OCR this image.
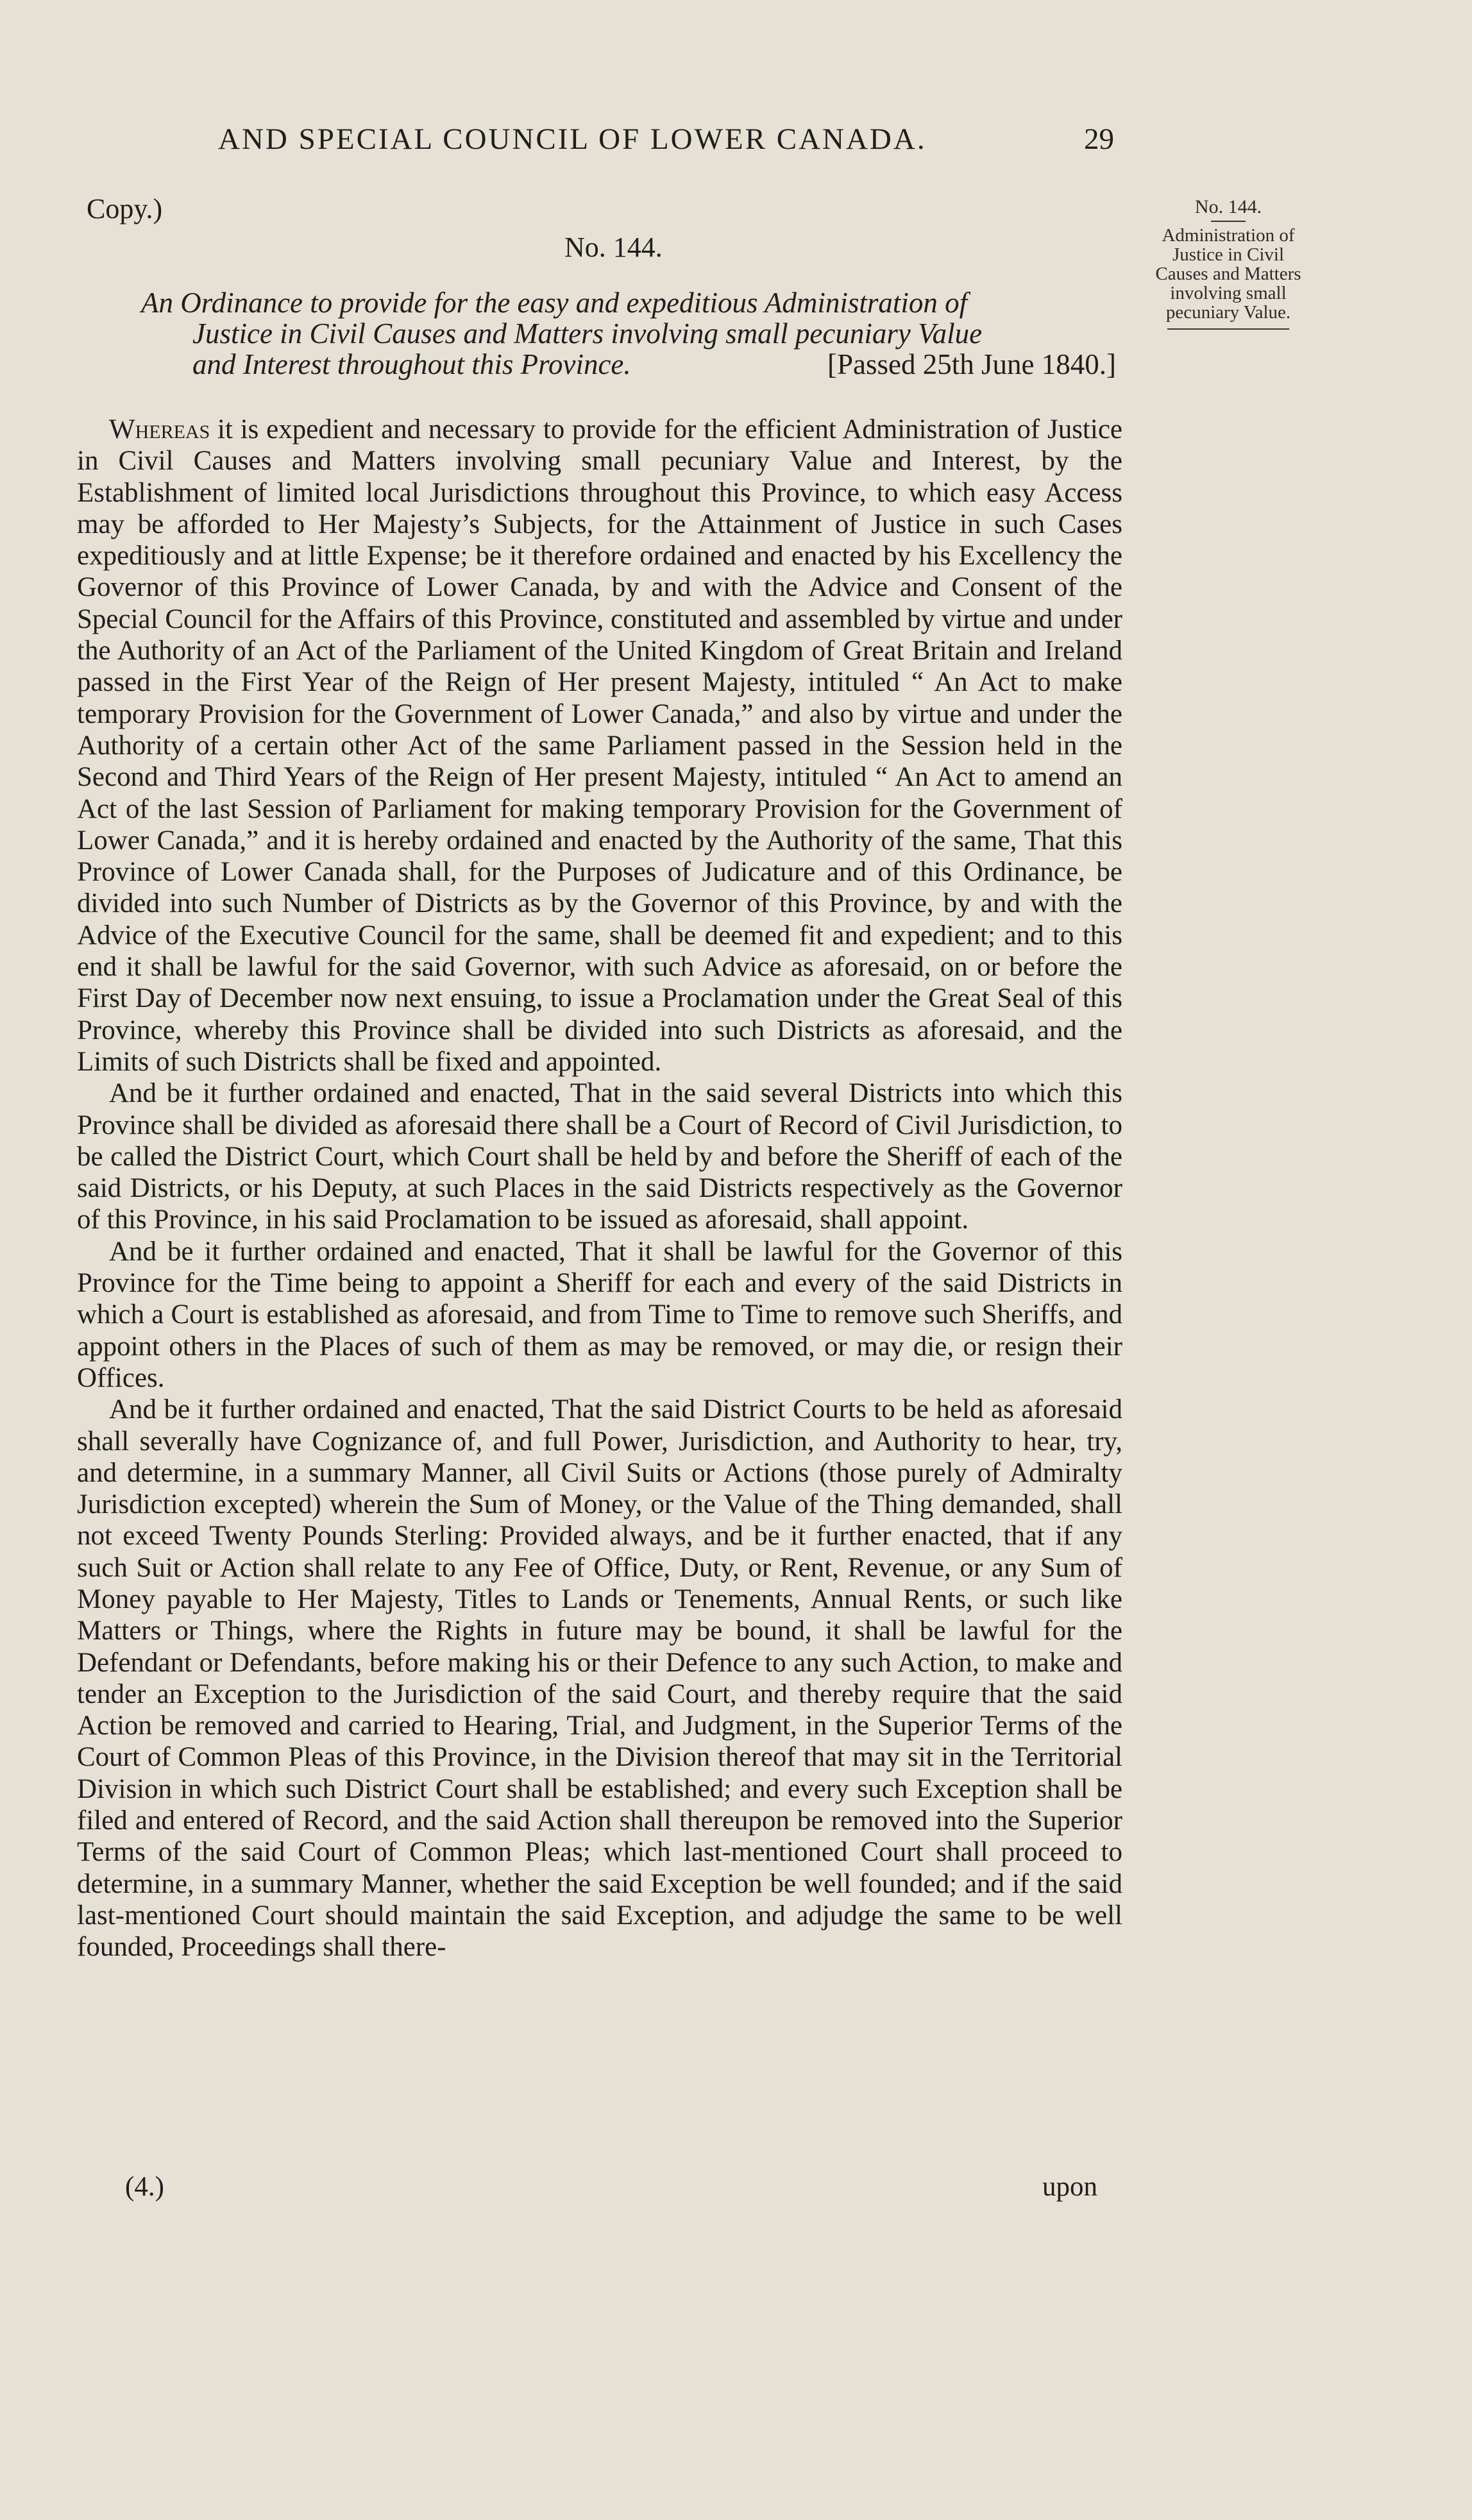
AND SPECIAL COUNCIL OF LOWER CANADA.	29
Copy.)
No. 144.
An Ordinance to provide for the easy and expeditious Administration of
Justice in Civil Causes and Matters involving small pecuniary Value
and Interest throughout this Province.	[Passed 25th June 1840.]
No. 144.
Administration of
Justice in Civil
Causes and Matters
involving small
pecuniary Value.

Whereas it is expedient and necessary to provide for the efficient Administration of Justice in Civil Causes and Matters involving small pecuniary Value and Interest, by the Establishment of limited local Jurisdictions throughout this Province, to which easy Access may be afforded to Her Majesty’s Subjects, for the Attainment of Justice in such Cases expeditiously and at little Expense; be it therefore ordained and enacted by his Excellency the Governor of this Province of Lower Canada, by and with the Advice and Consent of the Special Council for the Affairs of this Province, constituted and assembled by virtue and under the Authority of an Act of the Parliament of the United Kingdom of Great Britain and Ireland passed in the First Year of the Reign of Her present Majesty, intituled “ An Act to make temporary Provision for the Government of Lower Canada,” and also by virtue and under the Authority of a certain other Act of the same Parliament passed in the Session held in the Second and Third Years of the Reign of Her present Majesty, intituled “ An Act to amend an Act of the last Session of Parliament for making temporary Provision for the Government of Lower Canada,” and it is hereby ordained and enacted by the Authority of the same, That this Province of Lower Canada shall, for the Purposes of Judicature and of this Ordinance, be divided into such Number of Districts as by the Governor of this Province, by and with the Advice of the Executive Council for the same, shall be deemed fit and expedient; and to this end it shall be lawful for the said Governor, with such Advice as aforesaid, on or before the First Day of December now next ensuing, to issue a Proclamation under the Great Seal of this Province, whereby this Province shall be divided into such Districts as aforesaid, and the Limits of such Districts shall be fixed and appointed.

And be it further ordained and enacted, That in the said several Districts into which this Province shall be divided as aforesaid there shall be a Court of Record of Civil Jurisdiction, to be called the District Court, which Court shall be held by and before the Sheriff of each of the said Districts, or his Deputy, at such Places in the said Districts respectively as the Governor of this Province, in his said Proclamation to be issued as aforesaid, shall appoint.

And be it further ordained and enacted, That it shall be lawful for the Governor of this Province for the Time being to appoint a Sheriff for each and every of the said Districts in which a Court is established as aforesaid, and from Time to Time to remove such Sheriffs, and appoint others in the Places of such of them as may be removed, or may die, or resign their Offices.

And be it further ordained and enacted, That the said District Courts to be held as aforesaid shall severally have Cognizance of, and full Power, Jurisdiction, and Authority to hear, try, and determine, in a summary Manner, all Civil Suits or Actions (those purely of Admiralty Jurisdiction excepted) wherein the Sum of Money, or the Value of the Thing demanded, shall not exceed Twenty Pounds Sterling: Provided always, and be it further enacted, that if any such Suit or Action shall relate to any Fee of Office, Duty, or Rent, Revenue, or any Sum of Money payable to Her Majesty, Titles to Lands or Tenements, Annual Rents, or such like Matters or Things, where the Rights in future may be bound, it shall be lawful for the Defendant or Defendants, before making his or their Defence to any such Action, to make and tender an Exception to the Jurisdiction of the said Court, and thereby require that the said Action be removed and carried to Hearing, Trial, and Judgment, in the Superior Terms of the Court of Common Pleas of this Province, in the Division thereof that may sit in the Territorial Division in which such District Court shall be established; and every such Exception shall be filed and entered of Record, and the said Action shall thereupon be removed into the Superior Terms of the said Court of Common Pleas; which last-mentioned Court shall proceed to determine, in a summary Manner, whether the said Exception be well founded; and if the said last-mentioned Court should maintain the said Exception, and adjudge the same to be well founded, Proceedings shall there-

(4.)	upon
